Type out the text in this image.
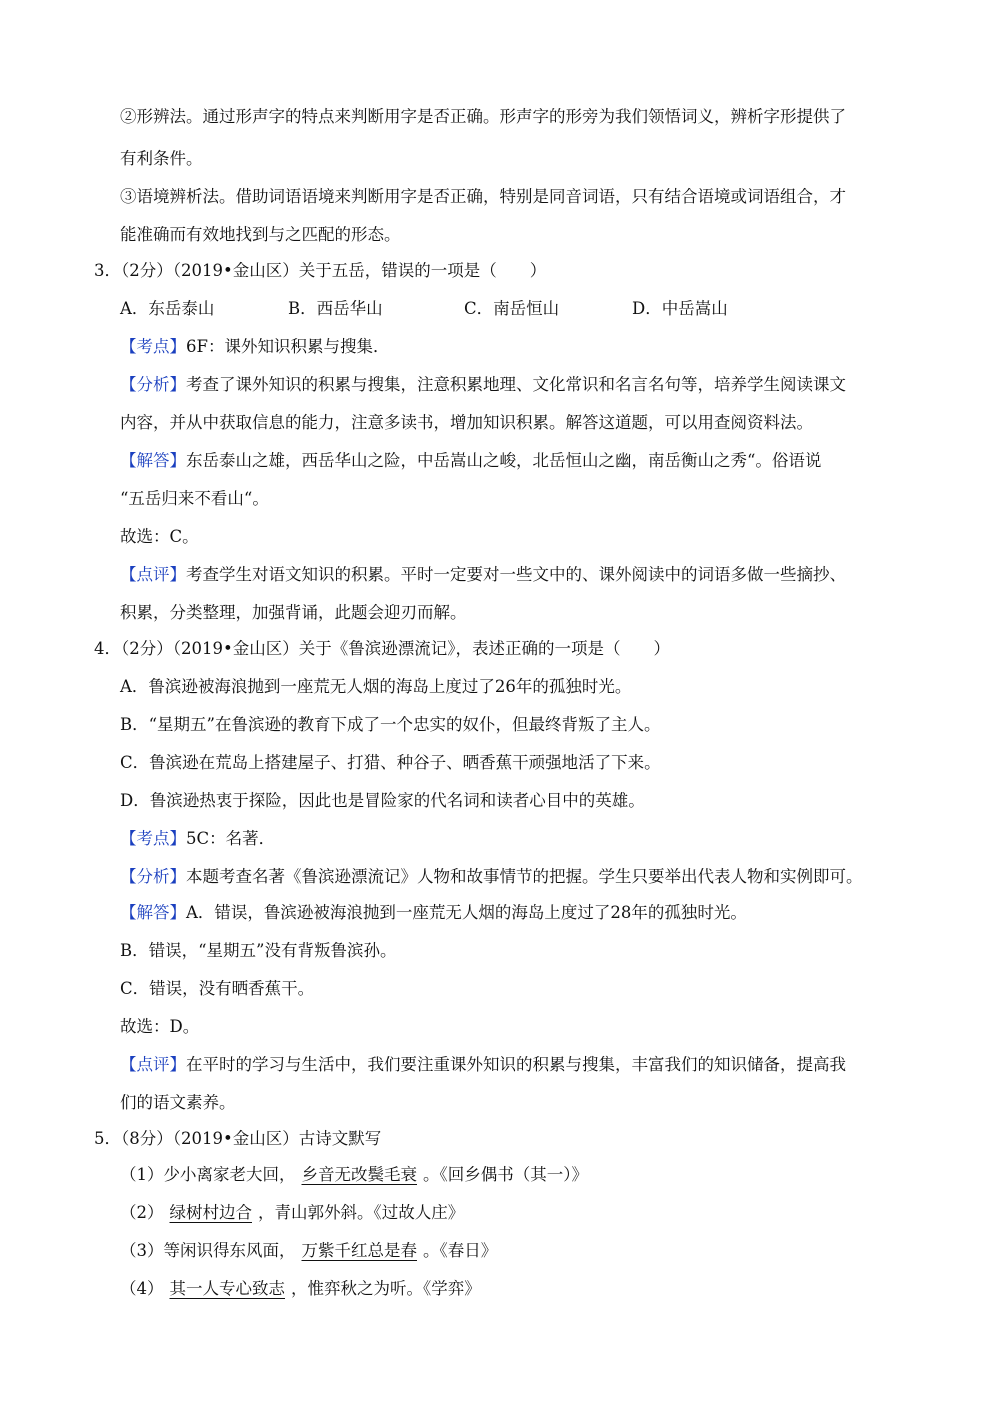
②形辨法。通过形声字的特点来判断用字是否正确。形声字的形旁为我们领悟词义，辨析字形提供了
有利条件。
③语境辨析法。借助词语语境来判断用字是否正确，特别是同音词语，只有结合语境或词语组合，才
能准确而有效地找到与之匹配的形态。
3．（2分）（2019•金山区）关于五岳，错误的一项是（　　）
A．东岳泰山	B．西岳华山	C．南岳恒山	D．中岳嵩山
【考点】6F：课外知识积累与搜集．
【分析】考查了课外知识的积累与搜集，注意积累地理、文化常识和名言名句等，培养学生阅读课文
内容，并从中获取信息的能力，注意多读书，增加知识积累。解答这道题，可以用查阅资料法。
【解答】东岳泰山之雄，西岳华山之险，中岳嵩山之峻，北岳恒山之幽，南岳衡山之秀“。俗语说
“五岳归来不看山“。
故选：C。
【点评】考查学生对语文知识的积累。平时一定要对一些文中的、课外阅读中的词语多做一些摘抄、
积累，分类整理，加强背诵，此题会迎刃而解。
4．（2分）（2019•金山区）关于《鲁滨逊漂流记》，表述正确的一项是（　　）
A．鲁滨逊被海浪抛到一座荒无人烟的海岛上度过了26年的孤独时光。
B．“星期五”在鲁滨逊的教育下成了一个忠实的奴仆，但最终背叛了主人。
C．鲁滨逊在荒岛上搭建屋子、打猎、种谷子、晒香蕉干顽强地活了下来。
D．鲁滨逊热衷于探险，因此也是冒险家的代名词和读者心目中的英雄。
【考点】5C：名著．
【分析】本题考查名著《鲁滨逊漂流记》人物和故事情节的把握。学生只要举出代表人物和实例即可。
【解答】A．错误，鲁滨逊被海浪抛到一座荒无人烟的海岛上度过了28年的孤独时光。
B．错误，“星期五”没有背叛鲁滨孙。
C．错误，没有晒香蕉干。
故选：D。
【点评】在平时的学习与生活中，我们要注重课外知识的积累与搜集，丰富我们的知识储备，提高我
们的语文素养。
5．（8分）（2019•金山区）古诗文默写
（1）少小离家老大回， 乡音无改鬓毛衰 。《回乡偶书（其一）》
（2） 绿树村边合 ，青山郭外斜。《过故人庄》
（3）等闲识得东风面， 万紫千红总是春 。《春日》
（4） 其一人专心致志 ，惟弈秋之为听。《学弈》
